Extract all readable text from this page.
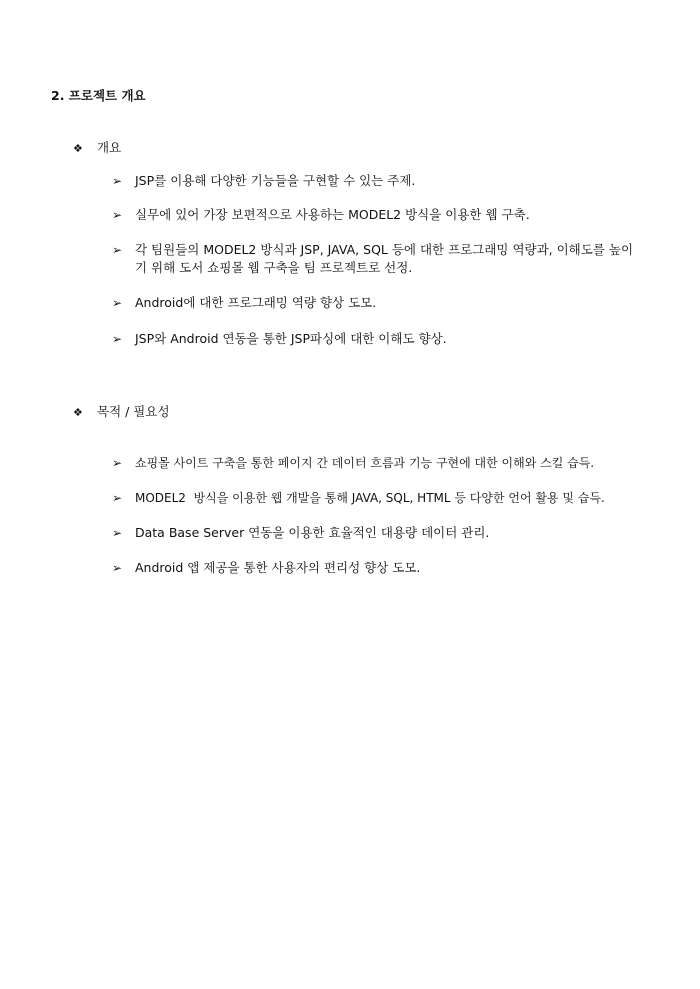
2. 프로젝트 개요
❖ 개요
➢ JSP를 이용해 다양한 기능들을 구현할 수 있는 주제.
➢ 실무에 있어 가장 보편적으로 사용하는 MODEL2 방식을 이용한 웹 구축.
➢ 각 팀원들의 MODEL2 방식과 JSP, JAVA, SQL 등에 대한 프로그래밍 역량과, 이해도를 높이기 위해 도서 쇼핑몰 웹 구축을 팀 프로젝트로 선정.
➢ Android에 대한 프로그래밍 역량 향상 도모.
➢ JSP와 Android 연동을 통한 JSP파싱에 대한 이해도 향상.
❖ 목적 / 필요성
➢ 쇼핑몰 사이트 구축을 통한 페이지 간 데이터 흐름과 기능 구현에 대한 이해와 스킬 습득.
➢ MODEL2  방식을 이용한 웹 개발을 통해 JAVA, SQL, HTML 등 다양한 언어 활용 및 습득.
➢ Data Base Server 연동을 이용한 효율적인 대용량 데이터 관리.
➢ Android 앱 제공을 통한 사용자의 편리성 향상 도모.
